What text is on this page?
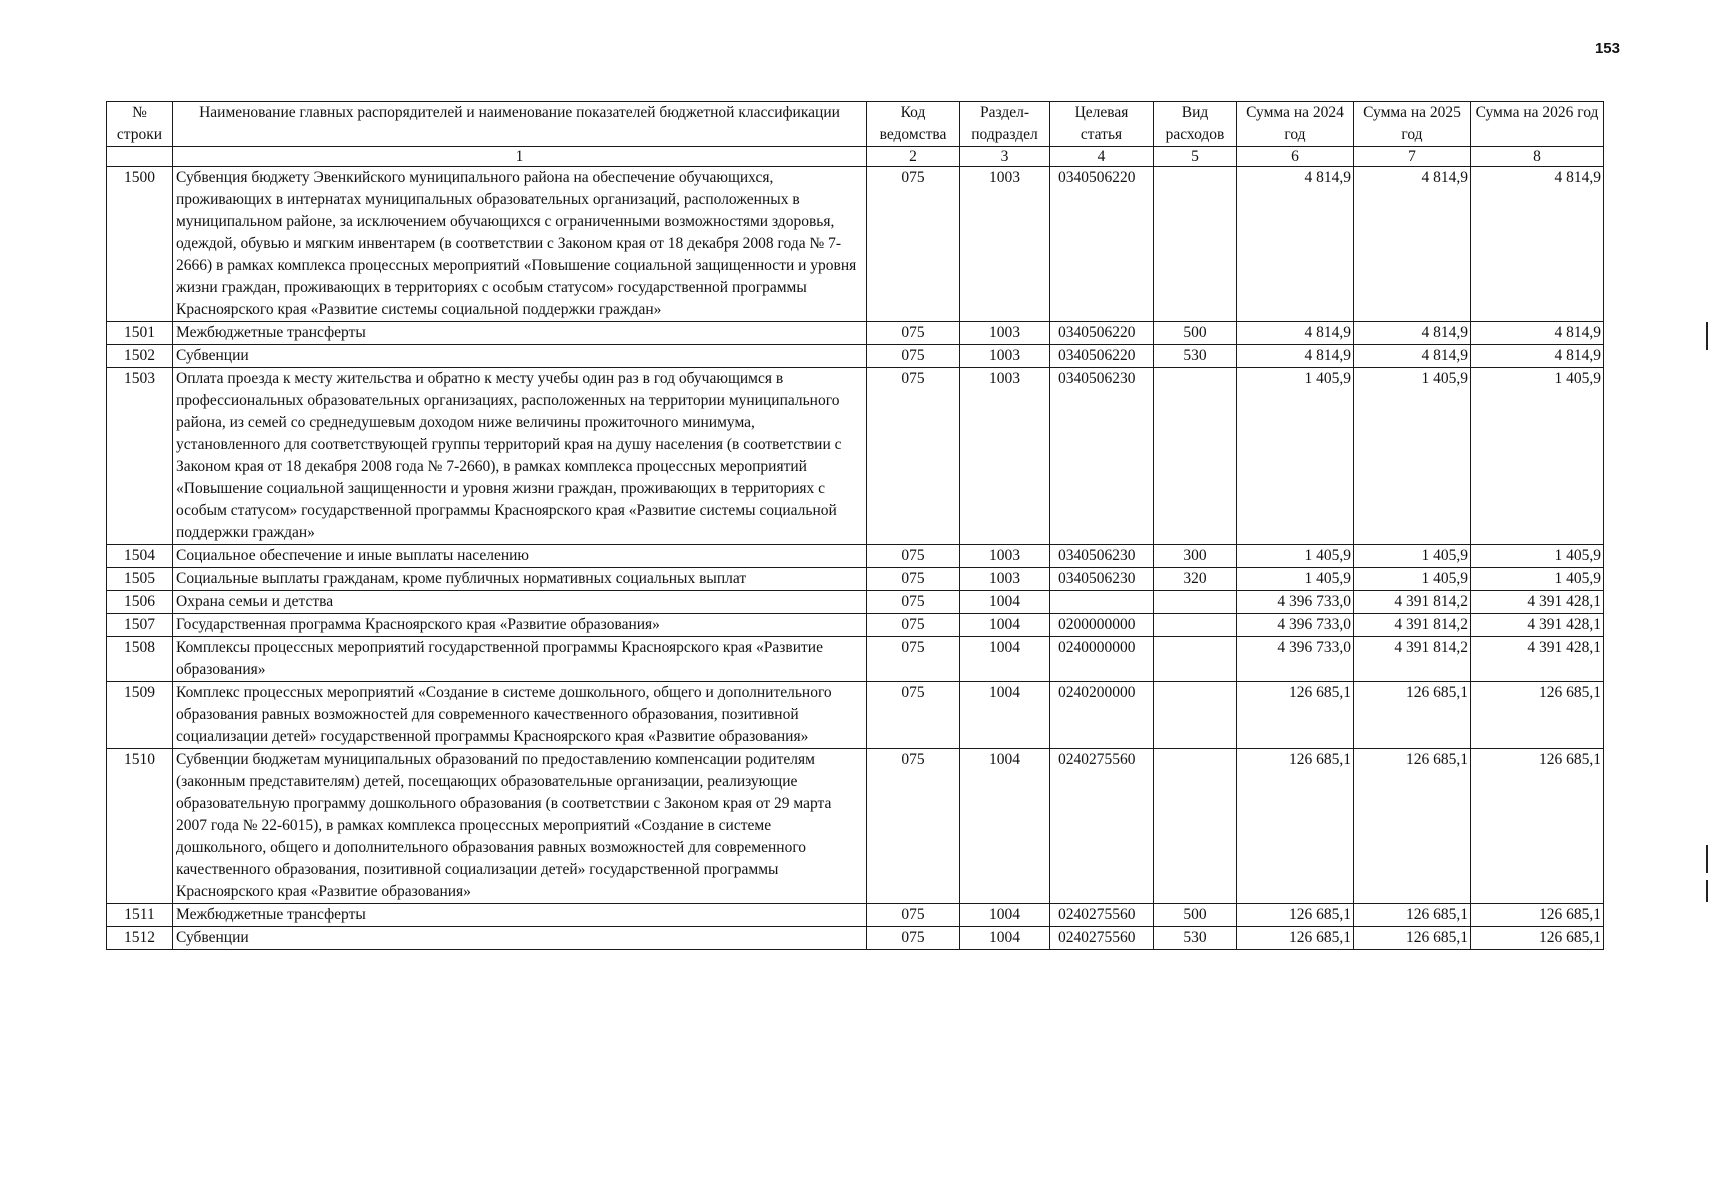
153
№ строки	Наименование главных распорядителей и наименование показателей бюджетной классификации	Код ведомства	Раздел-подраздел	Целевая статья	Вид расходов	Сумма на 2024 год	Сумма на 2025 год	Сумма на 2026 год
	1	2	3	4	5	6	7	8
1500	Субвенция бюджету Эвенкийского муниципального района на обеспечение обучающихся, проживающих в интернатах муниципальных образовательных организаций, расположенных в муниципальном районе, за исключением обучающихся с ограниченными возможностями здоровья, одеждой, обувью и мягким инвентарем (в соответствии с Законом края от 18 декабря 2008 года № 7-2666) в рамках комплекса процессных мероприятий «Повышение социальной защищенности и уровня жизни граждан, проживающих в территориях с особым статусом» государственной программы Красноярского края «Развитие системы социальной поддержки граждан»	075	1003	0340506220		4 814,9	4 814,9	4 814,9
1501	Межбюджетные трансферты	075	1003	0340506220	500	4 814,9	4 814,9	4 814,9
1502	Субвенции	075	1003	0340506220	530	4 814,9	4 814,9	4 814,9
1503	Оплата проезда к месту жительства и обратно к месту учебы один раз в год обучающимся в профессиональных образовательных организациях, расположенных на территории муниципального района, из семей со среднедушевым доходом ниже величины прожиточного минимума, установленного для соответствующей группы территорий края на душу населения (в соответствии с Законом края от 18 декабря 2008 года № 7-2660), в рамках комплекса процессных мероприятий «Повышение социальной защищенности и уровня жизни граждан, проживающих в территориях с особым статусом» государственной программы Красноярского края «Развитие системы социальной поддержки граждан»	075	1003	0340506230		1 405,9	1 405,9	1 405,9
1504	Социальное обеспечение и иные выплаты населению	075	1003	0340506230	300	1 405,9	1 405,9	1 405,9
1505	Социальные выплаты гражданам, кроме публичных нормативных социальных выплат	075	1003	0340506230	320	1 405,9	1 405,9	1 405,9
1506	Охрана семьи и детства	075	1004			4 396 733,0	4 391 814,2	4 391 428,1
1507	Государственная программа Красноярского края «Развитие образования»	075	1004	0200000000		4 396 733,0	4 391 814,2	4 391 428,1
1508	Комплексы процессных мероприятий государственной программы Красноярского края «Развитие образования»	075	1004	0240000000		4 396 733,0	4 391 814,2	4 391 428,1
1509	Комплекс процессных мероприятий «Создание в системе дошкольного, общего и дополнительного образования равных возможностей для современного качественного образования, позитивной социализации детей» государственной программы Красноярского края «Развитие образования»	075	1004	0240200000		126 685,1	126 685,1	126 685,1
1510	Субвенции бюджетам муниципальных образований по предоставлению компенсации родителям (законным представителям) детей, посещающих образовательные организации, реализующие образовательную программу дошкольного образования (в соответствии с Законом края от 29 марта 2007 года № 22-6015), в рамках комплекса процессных мероприятий «Создание в системе дошкольного, общего и дополнительного образования равных возможностей для современного качественного образования, позитивной социализации детей» государственной программы Красноярского края «Развитие образования»	075	1004	0240275560		126 685,1	126 685,1	126 685,1
1511	Межбюджетные трансферты	075	1004	0240275560	500	126 685,1	126 685,1	126 685,1
1512	Субвенции	075	1004	0240275560	530	126 685,1	126 685,1	126 685,1
